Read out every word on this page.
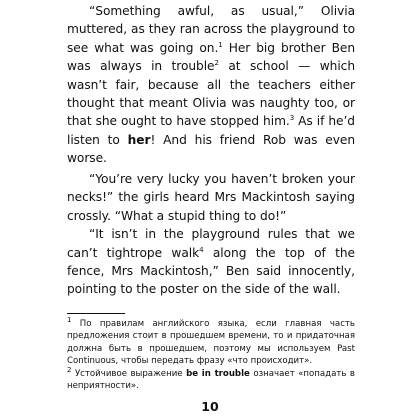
“Something awful, as usual,” Olivia muttered, as they ran across the playground to see what was going on.$^1$ Her big brother Ben was always in trouble$^2$ at school — which wasn’t fair, because all the teachers either thought that meant Olivia was naughty too, or that she ought to have stopped him.$^3$ As if he’d listen to her! And his friend Rob was even worse.

“You’re very lucky you haven’t broken your necks!” the girls heard Mrs Mackintosh saying crossly. “What a stupid thing to do!”

“It isn’t in the playground rules that we can’t tightrope walk$^4$ along the top of the fence, Mrs Mackintosh,” Ben said innocently, pointing to the poster on the side of the wall.

$^1$ По правилам английского языка, если главная часть предложения стоит в прошедшем времени, то и придаточная должна быть в прошедшем, поэтому мы используем Past Continuous, чтобы передать фразу «что происходит».

$^2$ Устойчивое выражение be in trouble означает «попадать в неприятности».

10
